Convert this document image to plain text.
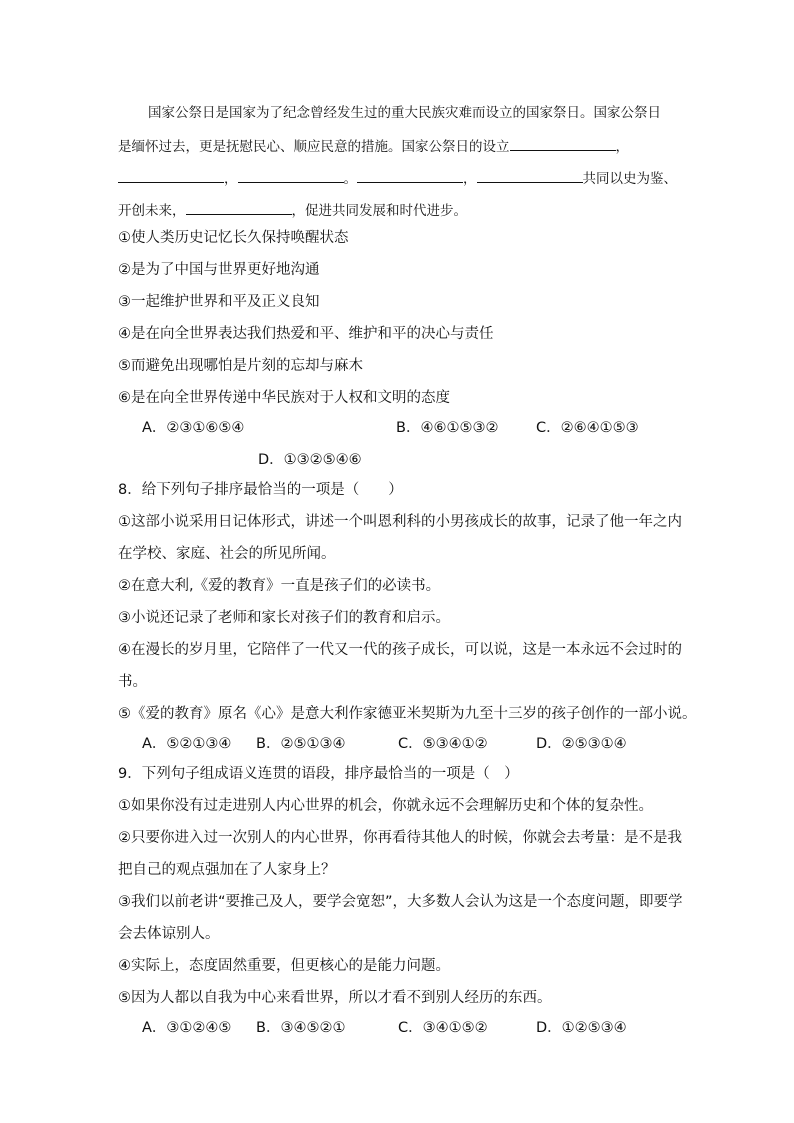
国家公祭日是国家为了纪念曾经发生过的重大民族灾难而设立的国家祭日。国家公祭日
是缅怀过去，更是抚慰民心、顺应民意的措施。国家公祭日的设立	，
，	。	，	共同以史为鉴、
开创未来，	，促进共同发展和时代进步。
①使人类历史记忆长久保持唤醒状态
②是为了中国与世界更好地沟通
③一起维护世界和平及正义良知
④是在向全世界表达我们热爱和平、维护和平的决心与责任
⑤而避免出现哪怕是片刻的忘却与麻木
⑥是在向全世界传递中华民族对于人权和文明的态度
A．②③①⑥⑤④	B．④⑥①⑤③②	C．②⑥④①⑤③
D．①③②⑤④⑥
8．给下列句子排序最恰当的一项是（　　）
①这部小说采用日记体形式，讲述一个叫恩利科的小男孩成长的故事，记录了他一年之内
在学校、家庭、社会的所见所闻。
②在意大利,《爱的教育》一直是孩子们的必读书。
③小说还记录了老师和家长对孩子们的教育和启示。
④在漫长的岁月里，它陪伴了一代又一代的孩子成长，可以说，这是一本永远不会过时的
书。
⑤《爱的教育》原名《心》是意大利作家德亚米契斯为九至十三岁的孩子创作的一部小说。
A．⑤②①③④ B．②⑤①③④	C．⑤③④①②	D．②⑤③①④
9．下列句子组成语义连贯的语段，排序最恰当的一项是（　）
①如果你没有过走进别人内心世界的机会，你就永远不会理解历史和个体的复杂性。
②只要你进入过一次别人的内心世界，你再看待其他人的时候，你就会去考量：是不是我
把自己的观点强加在了人家身上？
③我们以前老讲“要推己及人，要学会宽恕”，大多数人会认为这是一个态度问题，即要学
会去体谅别人。
④实际上，态度固然重要，但更核心的是能力问题。
⑤因为人都以自我为中心来看世界，所以才看不到别人经历的东西。
A．③①②④⑤ B．③④⑤②①	C．③④①⑤②	D．①②⑤③④
